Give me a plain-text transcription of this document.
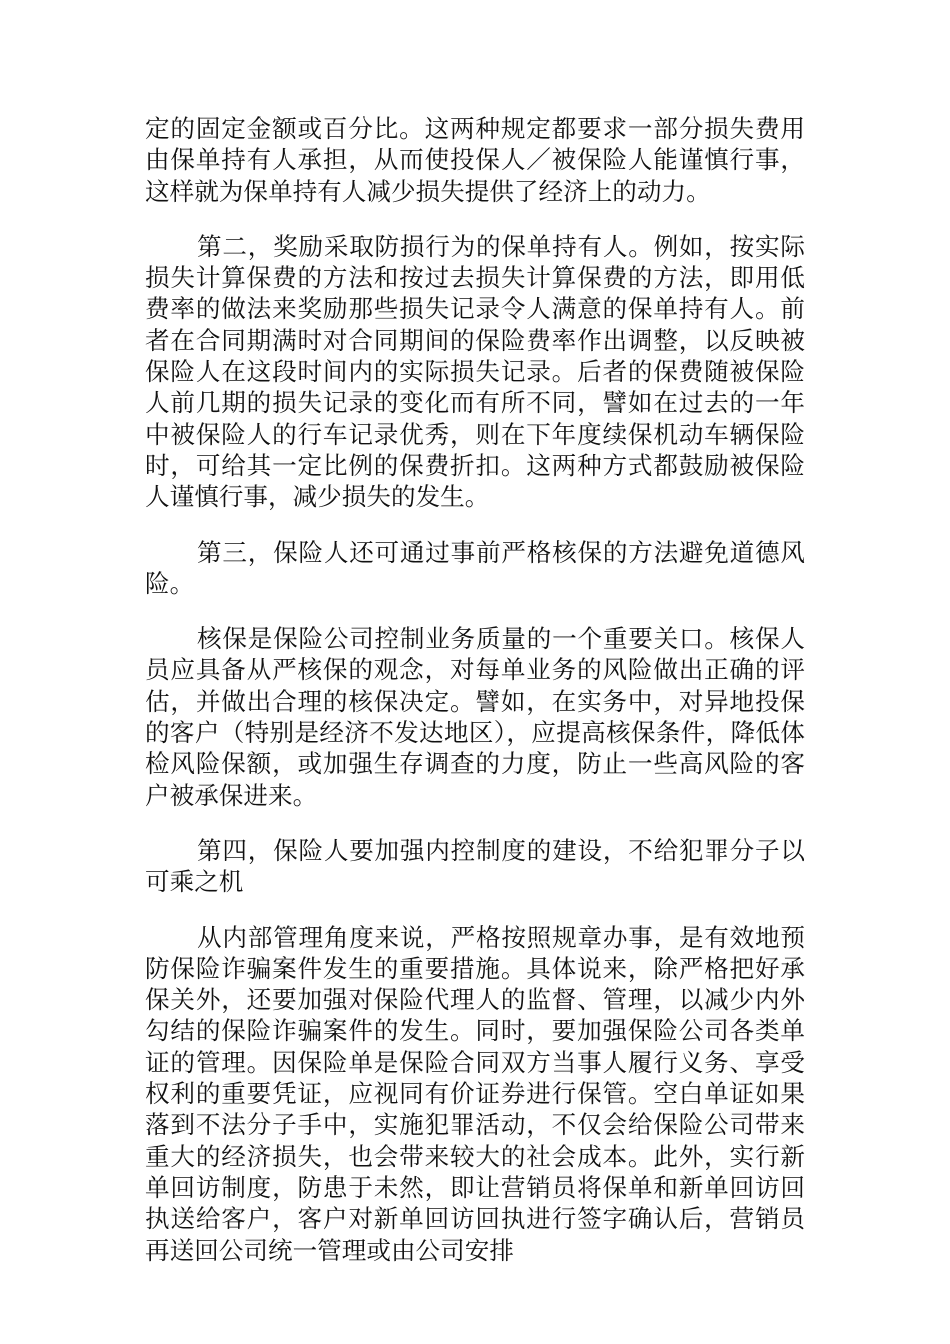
定的固定金额或百分比。这两种规定都要求一部分损失费用由保单持有人承担，从而使投保人／被保险人能谨慎行事，这样就为保单持有人减少损失提供了经济上的动力。

第二，奖励采取防损行为的保单持有人。例如，按实际损失计算保费的方法和按过去损失计算保费的方法，即用低费率的做法来奖励那些损失记录令人满意的保单持有人。前者在合同期满时对合同期间的保险费率作出调整，以反映被保险人在这段时间内的实际损失记录。后者的保费随被保险人前几期的损失记录的变化而有所不同，譬如在过去的一年中被保险人的行车记录优秀，则在下年度续保机动车辆保险时，可给其一定比例的保费折扣。这两种方式都鼓励被保险人谨慎行事，减少损失的发生。

第三，保险人还可通过事前严格核保的方法避免道德风险。

核保是保险公司控制业务质量的一个重要关口。核保人员应具备从严核保的观念，对每单业务的风险做出正确的评估，并做出合理的核保决定。譬如，在实务中，对异地投保的客户（特别是经济不发达地区），应提高核保条件，降低体检风险保额，或加强生存调查的力度，防止一些高风险的客户被承保进来。

第四，保险人要加强内控制度的建设，不给犯罪分子以可乘之机

从内部管理角度来说，严格按照规章办事，是有效地预防保险诈骗案件发生的重要措施。具体说来，除严格把好承保关外，还要加强对保险代理人的监督、管理，以减少内外勾结的保险诈骗案件的发生。同时，要加强保险公司各类单证的管理。因保险单是保险合同双方当事人履行义务、享受权利的重要凭证，应视同有价证券进行保管。空白单证如果落到不法分子手中，实施犯罪活动，不仅会给保险公司带来重大的经济损失，也会带来较大的社会成本。此外，实行新单回访制度，防患于未然，即让营销员将保单和新单回访回执送给客户，客户对新单回访回执进行签字确认后，营销员再送回公司统一管理或由公司安排
